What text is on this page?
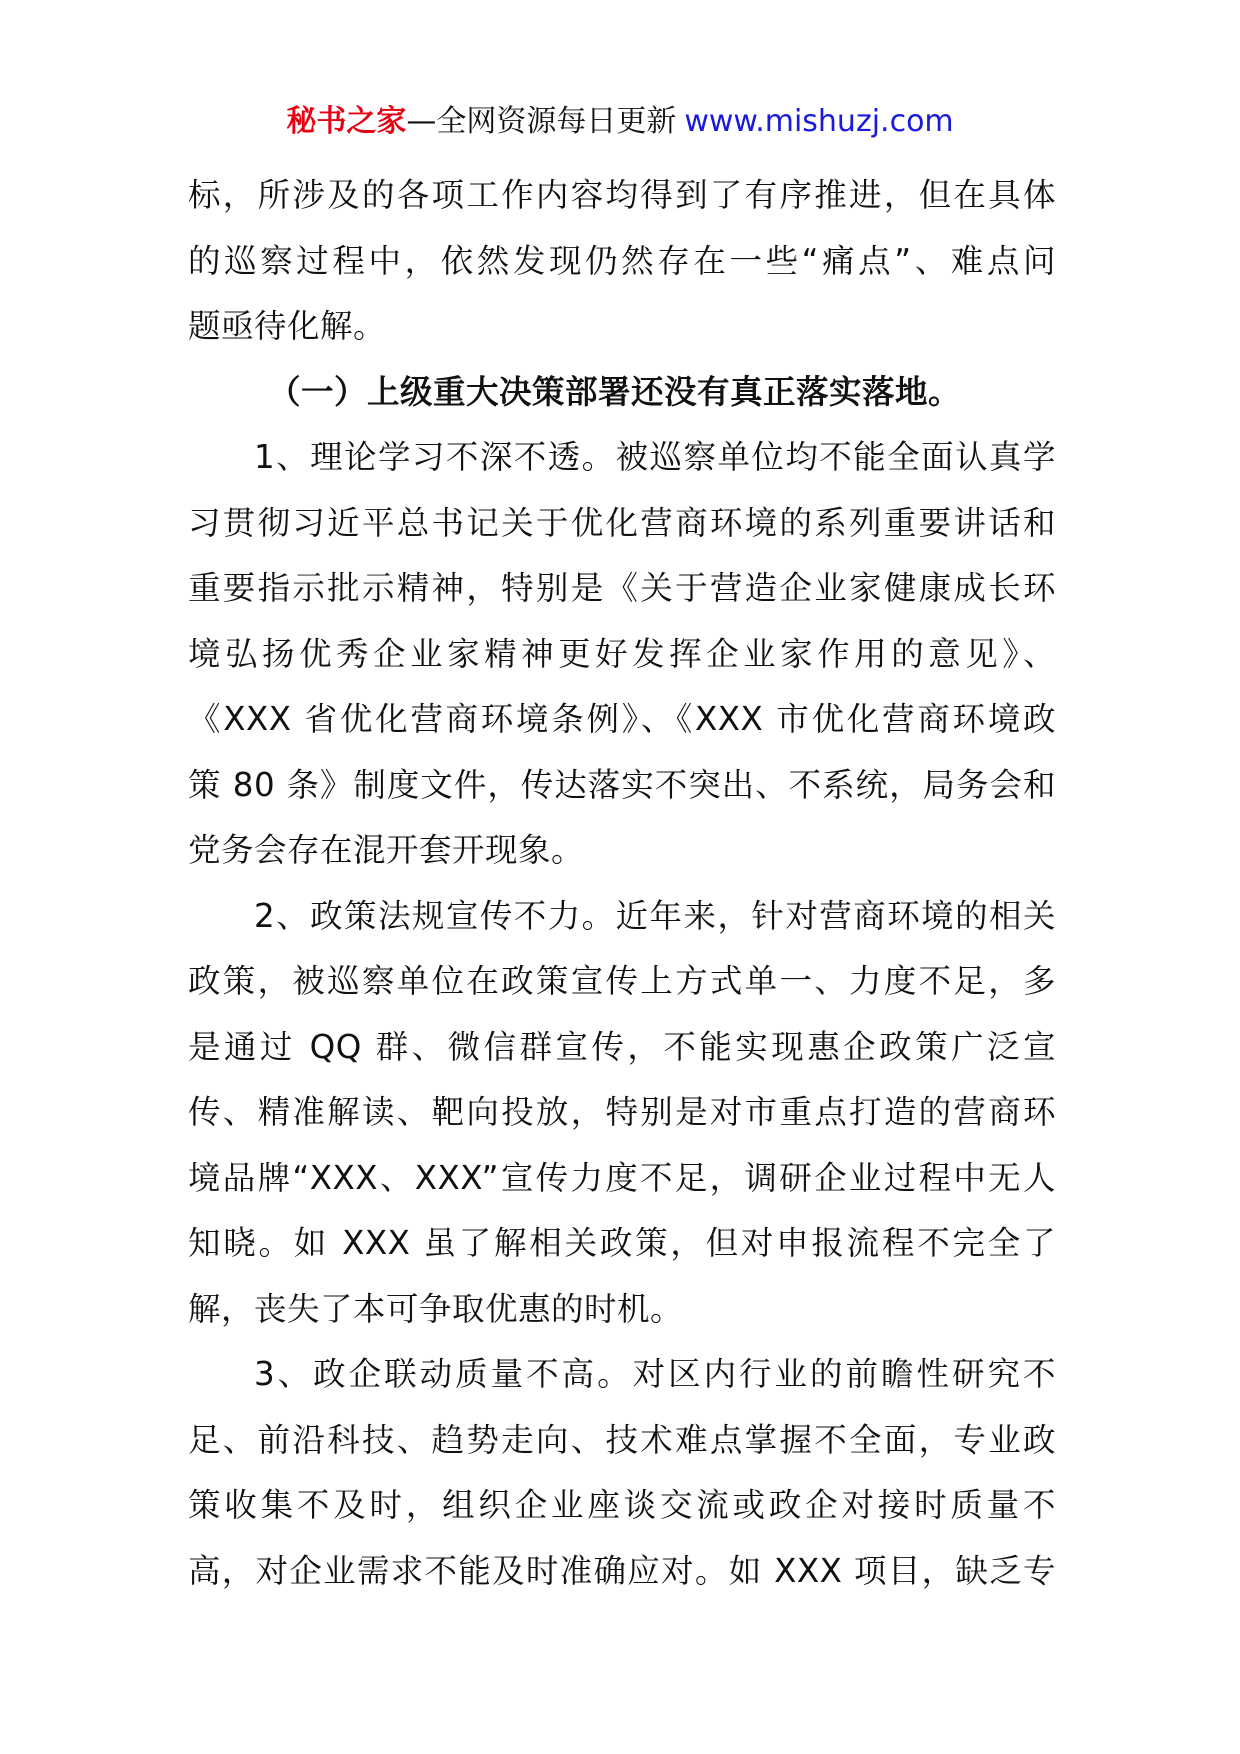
秘书之家—全网资源每日更新 www.mishuzj.com
标，所涉及的各项工作内容均得到了有序推进，但在具体
的巡察过程中，依然发现仍然存在一些“痛点”、难点问
题亟待化解。
（一）上级重大决策部署还没有真正落实落地。
1、理论学习不深不透。被巡察单位均不能全面认真学
习贯彻习近平总书记关于优化营商环境的系列重要讲话和
重要指示批示精神，特别是《关于营造企业家健康成长环
境弘扬优秀企业家精神更好发挥企业家作用的意见》、
《XXX 省优化营商环境条例》、《XXX 市优化营商环境政
策 80 条》制度文件，传达落实不突出、不系统，局务会和
党务会存在混开套开现象。
2、政策法规宣传不力。近年来，针对营商环境的相关
政策，被巡察单位在政策宣传上方式单一、力度不足，多
是通过 QQ 群、微信群宣传，不能实现惠企政策广泛宣
传、精准解读、靶向投放，特别是对市重点打造的营商环
境品牌“XXX、XXX”宣传力度不足，调研企业过程中无人
知晓。如 XXX 虽了解相关政策，但对申报流程不完全了
解，丧失了本可争取优惠的时机。
3、政企联动质量不高。对区内行业的前瞻性研究不
足、前沿科技、趋势走向、技术难点掌握不全面，专业政
策收集不及时，组织企业座谈交流或政企对接时质量不
高，对企业需求不能及时准确应对。如 XXX 项目，缺乏专
